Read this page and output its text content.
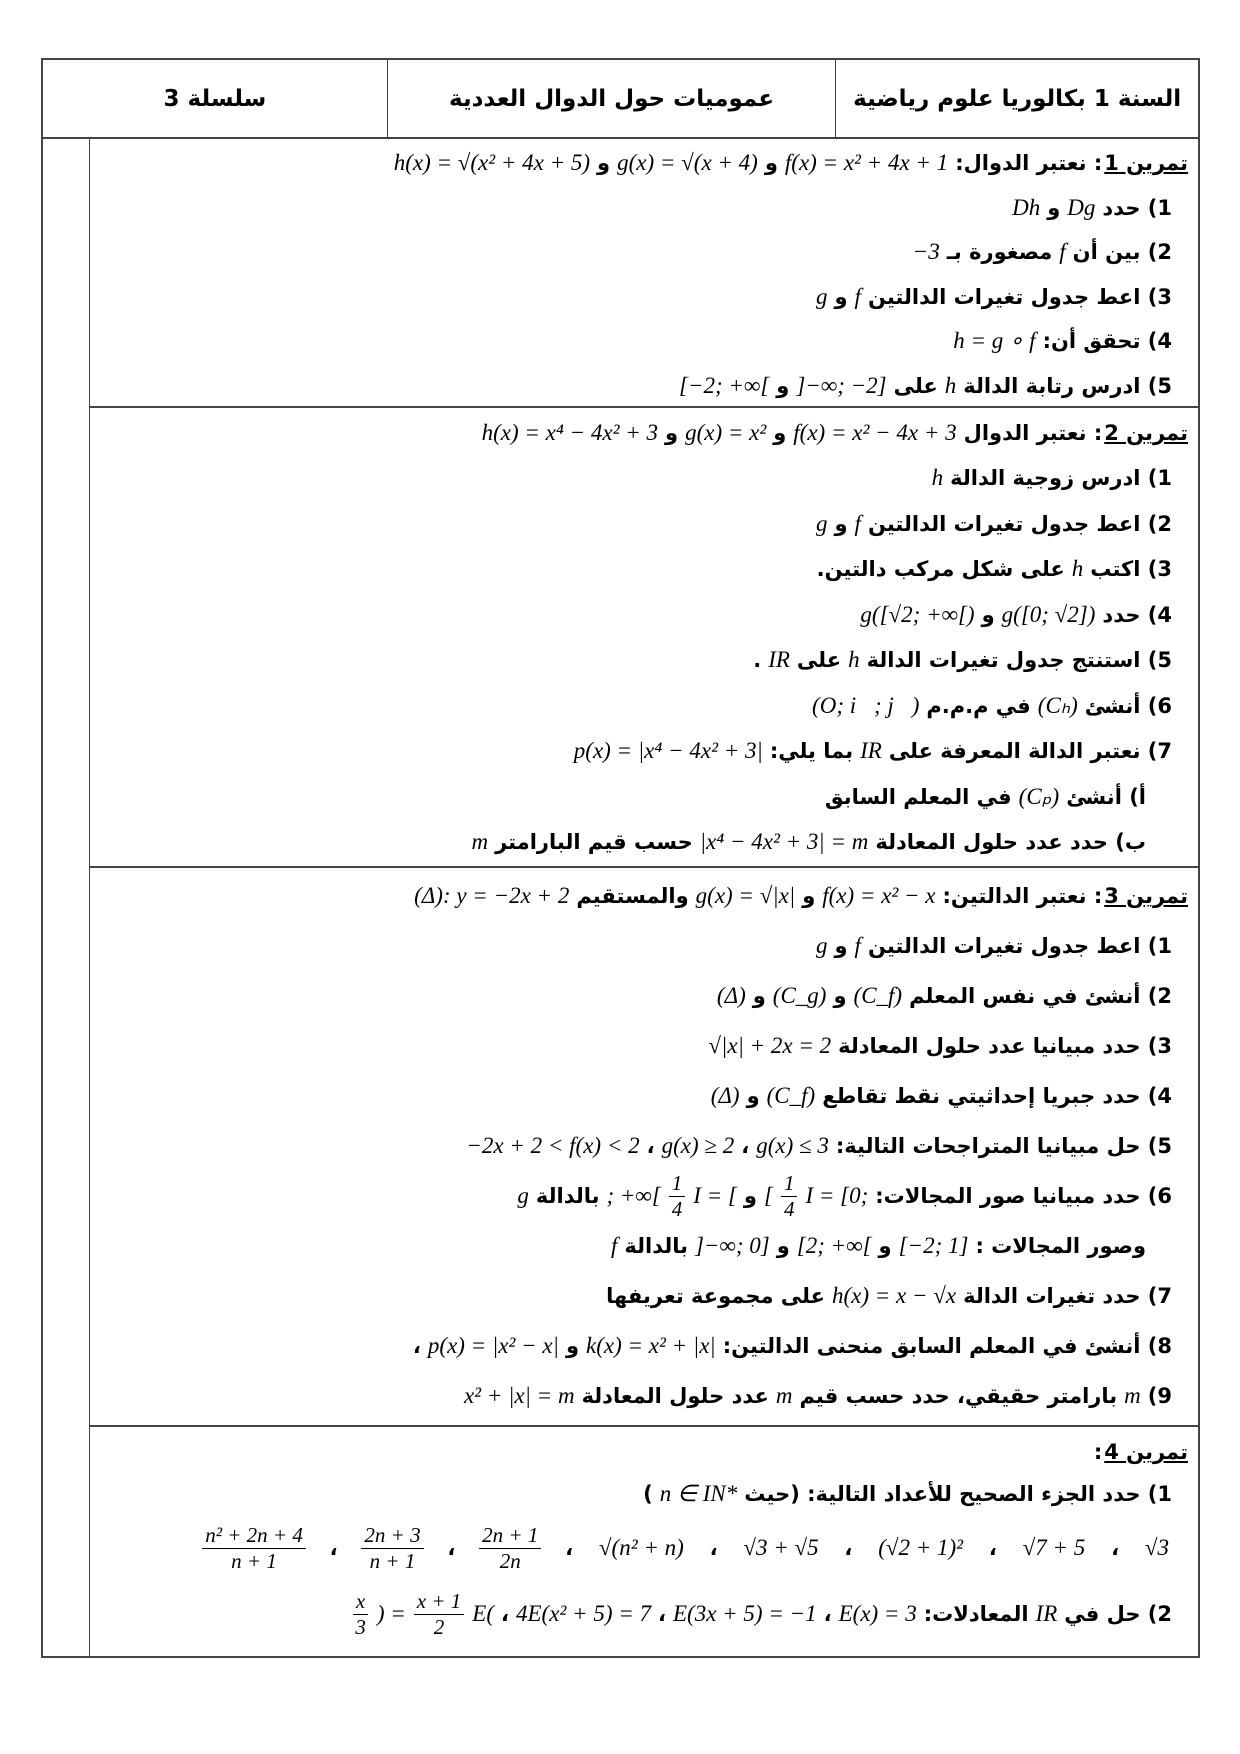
السنة 1 بكالوريا علوم رياضية
عموميات حول الدوال العددية
سلسلة 3
تمرين 1
: نعتبر الدوال:
f(x) = x² + 4x + 1
و
g(x) = √(x + 4)
و
h(x) = √(x² + 4x + 5)
1) حدد
Dg
و
Dh
2) بين أن
f
مصغورة بـ
−3
3) اعط جدول تغيرات الدالتين
f
و
g
4) تحقق أن:
h = g ∘ f
5) ادرس رتابة الدالة
h
على
]−∞; −2]
و
[−2; +∞[
تمرين 2
: نعتبر الدوال
f(x) = x² − 4x + 3
و
g(x) = x²
و
h(x) = x⁴ − 4x² + 3
1) ادرس زوجية الدالة
h
2) اعط جدول تغيرات الدالتين
f
و
g
3) اكتب
h
على شكل مركب دالتين.
4) حدد
g([0; √2])
و
g([√2; +∞[)
5) استنتج جدول تغيرات الدالة
h
على
IR
.
6) أنشئ
(Cₕ)
في م.م.م
(O; i⃗; j⃗)
7) نعتبر الدالة المعرفة على
IR
بما يلي:
p(x) = |x⁴ − 4x² + 3|
أ) أنشئ
(Cₚ)
في المعلم السابق
ب) حدد عدد حلول المعادلة
|x⁴ − 4x² + 3| = m
حسب قيم البارامتر
m
تمرين 3
: نعتبر الدالتين:
f(x) = x² − x
و
g(x) = √|x|
والمستقيم
(Δ): y = −2x + 2
1) اعط جدول تغيرات الدالتين
f
و
g
2) أنشئ في نفس المعلم
(C_f)
و
(C_g)
و
(Δ)
3) حدد مبيانيا عدد حلول المعادلة
√|x| + 2x = 2
4) حدد جبريا إحداثيتي نقط تقاطع
(C_f)
و
(Δ)
5) حل مبيانيا المتراجحات التالية:
g(x) ≤ 3
،
g(x) ≥ 2
،
−2x + 2 < f(x) < 2
6) حدد مبيانيا صور المجالات:
I = [0;
$\frac{1}{4}$
[
و
I = [
$\frac{1}{4}$
; +∞[
بالدالة
g
وصور المجالات :
[−2; 1]
و
[2; +∞[
و
]−∞; 0]
بالدالة
f
7) حدد تغيرات الدالة
h(x) = x − √x
على مجموعة تعريفها
8) أنشئ في المعلم السابق منحنى الدالتين:
k(x) = x² + |x|
و
p(x) = |x² − x|
،
9)
m
بارامتر حقيقي، حدد حسب قيم
m
عدد حلول المعادلة
x² + |x| = m
تمرين 4
:
1) حدد الجزء الصحيح للأعداد التالية: (حيث
n ∈ IN*
)
√3
،
√7 + 5
،
(√2 + 1)²
،
√3 + √5
،
√(n² + n)
،
$\frac{2n + 1}{2n}$
،
$\frac{2n + 3}{n + 1}$
،
$\frac{\text{n² + 2n + 4}}{n + 1}$
2) حل في
IR
المعادلات:
E(x) = 3
،
E(3x + 5) = −1
،
4E(x² + 5) = 7
،
E(
$\frac{x + 1}{2}$
) =
$\frac{x}{3}$
